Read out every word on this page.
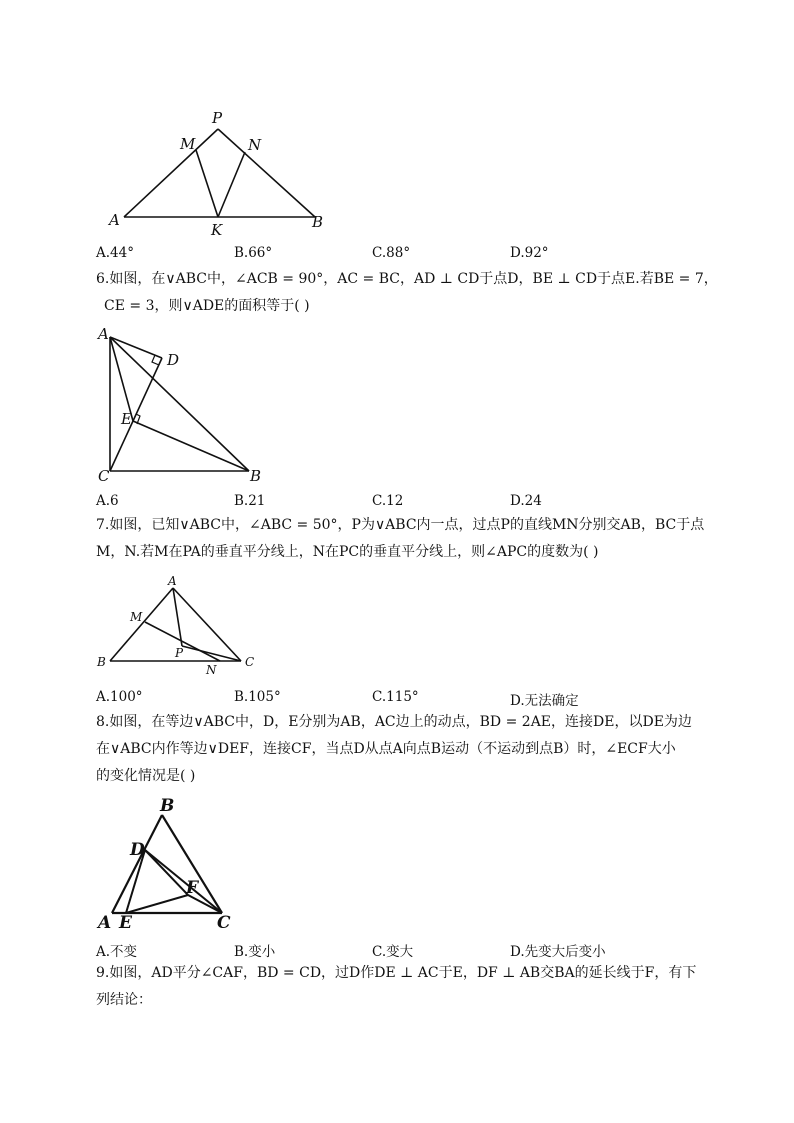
P
M	N
A
K	B
A.44°	B.66°	C.88°	D.92°

6.如图，在∨ABC中，∠ACB = 90°，AC = BC，AD ⊥ CD于点D，BE ⊥ CD于点E.若BE = 7，

CE = 3，则∨ADE的面积等于( )

A
D
E
C	B
A.6	B.21	C.12	D.24

7.如图，已知∨ABC中，∠ABC = 50°，P为∨ABC内一点，过点P的直线MN分别交AB，BC于点

M，N.若M在PA的垂直平分线上，N在PC的垂直平分线上，则∠APC的度数为( )

A
M
P
B
N
C
A.100°	B.105°	C.115°	D.无法确定

8.如图，在等边∨ABC中，D，E分别为AB，AC边上的动点，BD = 2AE，连接DE，以DE为边

在∨ABC内作等边∨DEF，连接CF，当点D从点A向点B运动（不运动到点B）时，∠ECF大小

的变化情况是( )

B
D
F
A E	C
A.不变	B.变小	C.变大	D.先变大后变小

9.如图，AD平分∠CAF，BD = CD，过D作DE ⊥ AC于E，DF ⊥ AB交BA的延长线于F，有下

列结论：
